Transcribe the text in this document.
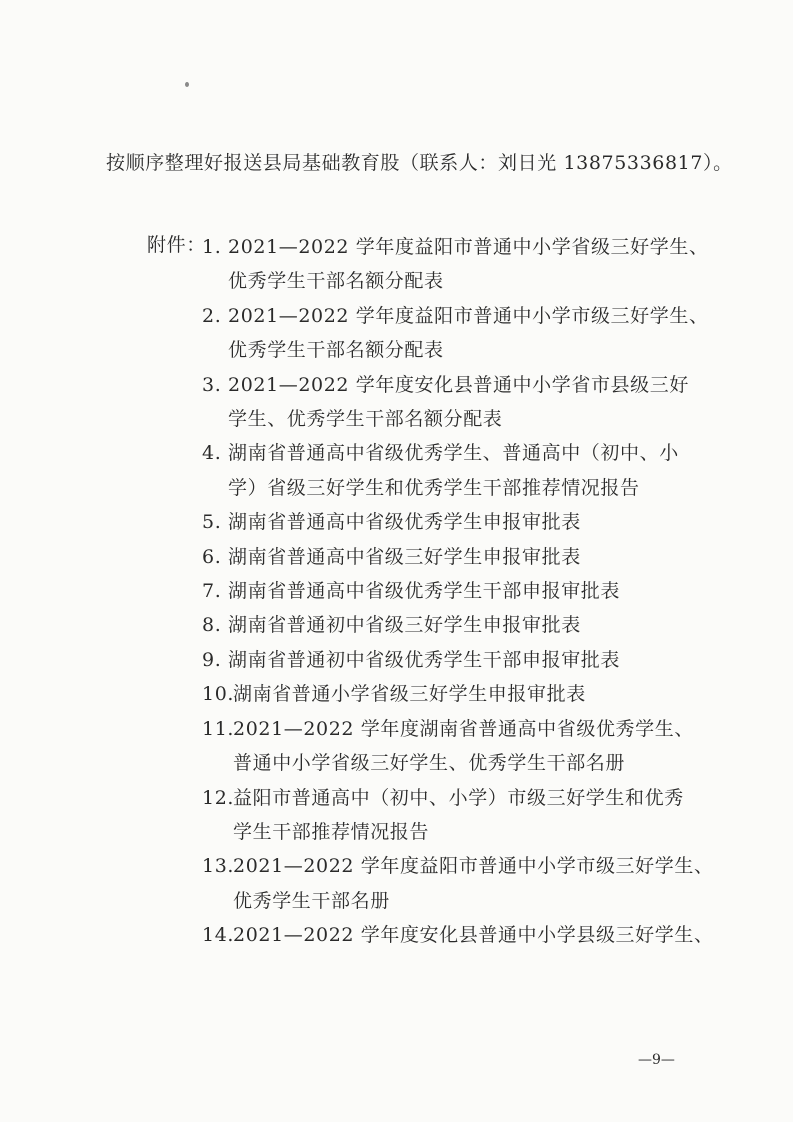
按顺序整理好报送县局基础教育股（联系人：刘日光 13875336817）。
附件：
1. 2021—2022 学年度益阳市普通中小学省级三好学生、
优秀学生干部名额分配表
2. 2021—2022 学年度益阳市普通中小学市级三好学生、
优秀学生干部名额分配表
3. 2021—2022 学年度安化县普通中小学省市县级三好
学生、优秀学生干部名额分配表
4. 湖南省普通高中省级优秀学生、普通高中（初中、小
学）省级三好学生和优秀学生干部推荐情况报告
5. 湖南省普通高中省级优秀学生申报审批表
6. 湖南省普通高中省级三好学生申报审批表
7. 湖南省普通高中省级优秀学生干部申报审批表
8. 湖南省普通初中省级三好学生申报审批表
9. 湖南省普通初中省级优秀学生干部申报审批表
10.
湖南省普通小学省级三好学生申报审批表
11.
2021—2022 学年度湖南省普通高中省级优秀学生、
普通中小学省级三好学生、优秀学生干部名册
12.
益阳市普通高中（初中、小学）市级三好学生和优秀
学生干部推荐情况报告
13.
2021—2022 学年度益阳市普通中小学市级三好学生、
优秀学生干部名册
14.
2021—2022 学年度安化县普通中小学县级三好学生、
—9—
